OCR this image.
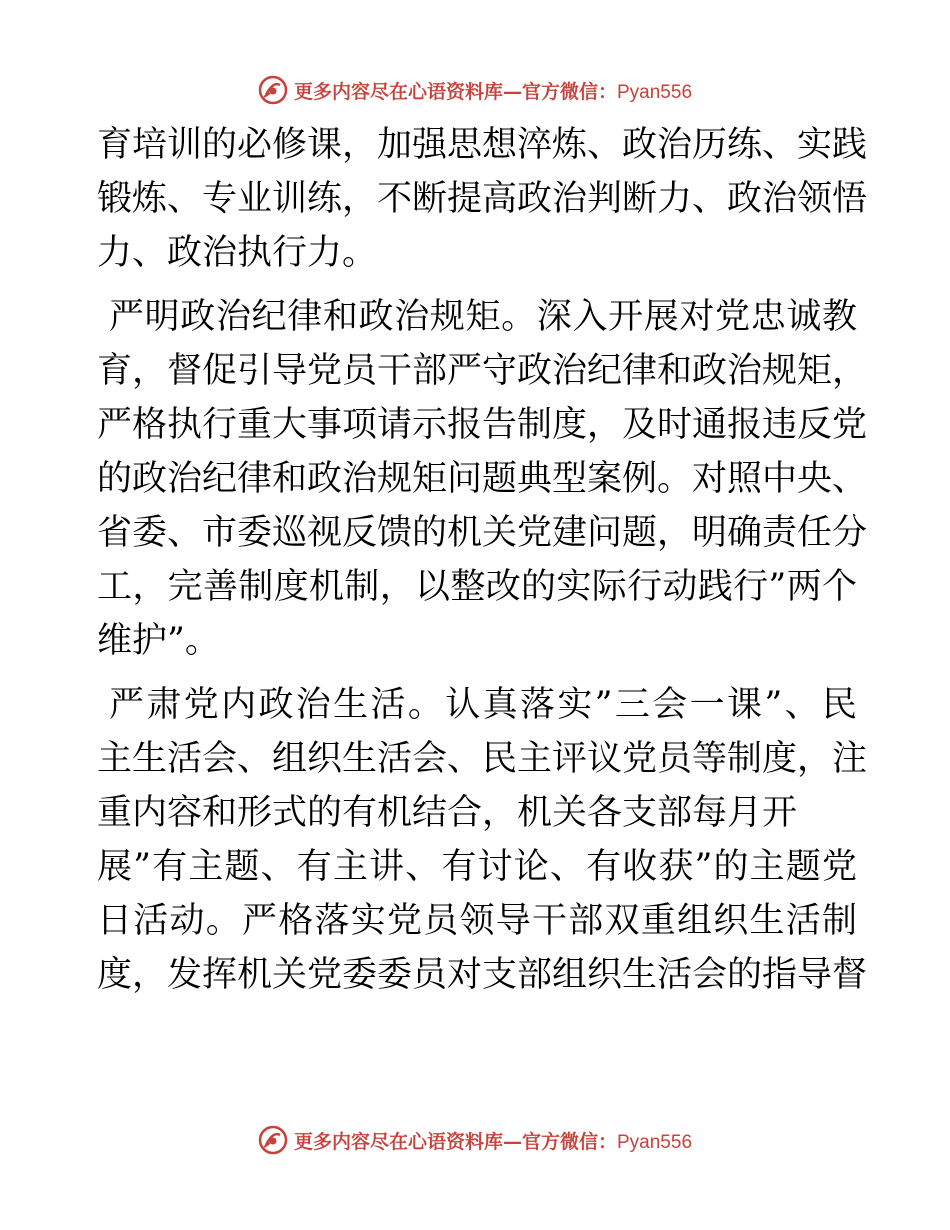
更多内容尽在心语资料库—官方微信：Pyan556
育培训的必修课，加强思想淬炼、政治历练、实践
锻炼、专业训练，不断提高政治判断力、政治领悟
力、政治执行力。
严明政治纪律和政治规矩。深入开展对党忠诚教
育，督促引导党员干部严守政治纪律和政治规矩，
严格执行重大事项请示报告制度，及时通报违反党
的政治纪律和政治规矩问题典型案例。对照中央、
省委、市委巡视反馈的机关党建问题，明确责任分
工，完善制度机制，以整改的实际行动践行”两个
维护”。
严肃党内政治生活。认真落实”三会一课”、民
主生活会、组织生活会、民主评议党员等制度，注
重内容和形式的有机结合，机关各支部每月开
展”有主题、有主讲、有讨论、有收获”的主题党
日活动。严格落实党员领导干部双重组织生活制
度，发挥机关党委委员对支部组织生活会的指导督
更多内容尽在心语资料库—官方微信：Pyan556
